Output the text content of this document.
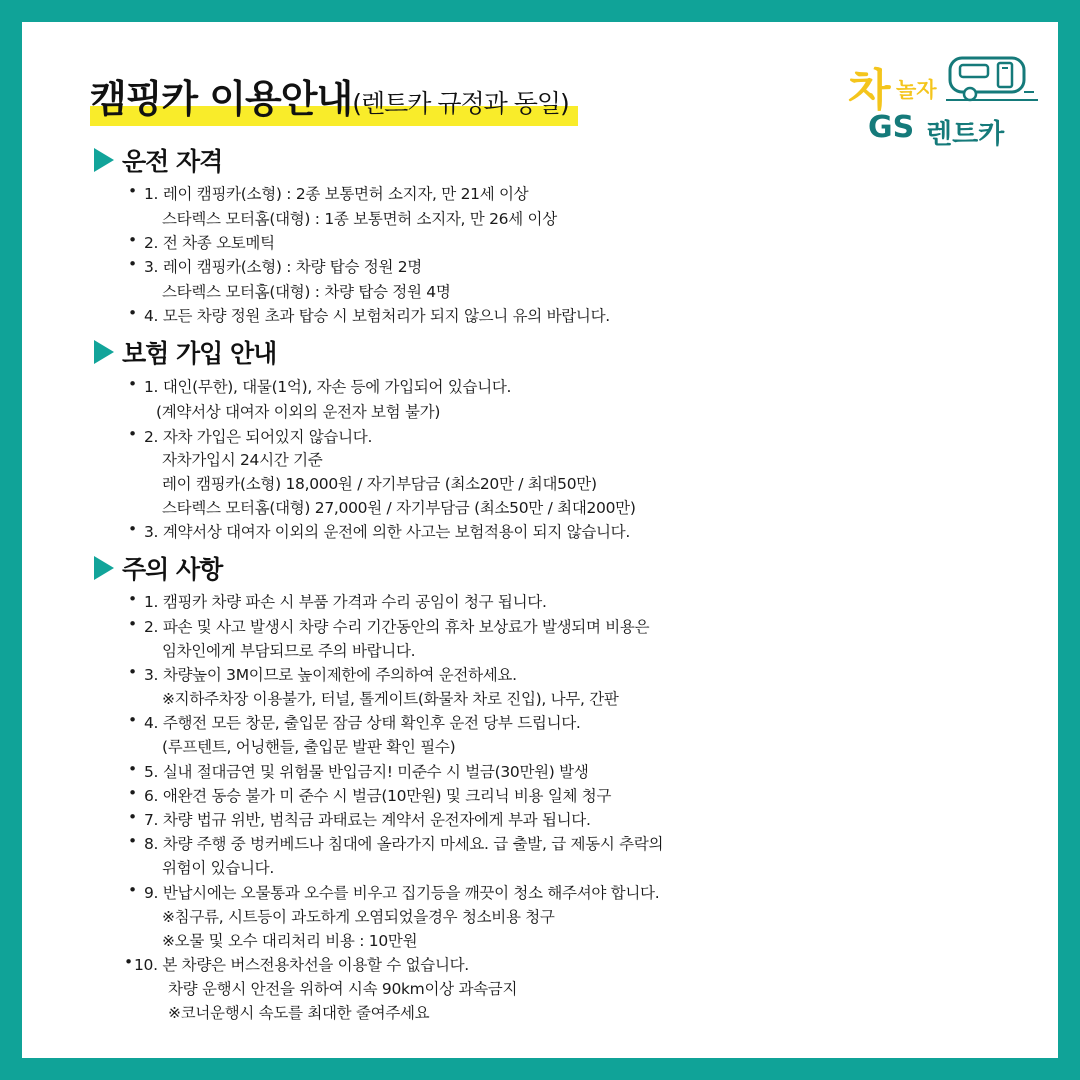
캠핑카 이용안내(렌트카 규정과 동일)	차 놀자
GS 렌트카
운전 자격
• 1. 레이 캠핑카(소형) : 2종 보통면허 소지자, 만 21세 이상
스타렉스 모터홈(대형) : 1종 보통면허 소지자, 만 26세 이상
• 2. 전 차종 오토메틱
• 3. 레이 캠핑카(소형) : 차량 탑승 정원 2명
스타렉스 모터홈(대형) : 차량 탑승 정원 4명
• 4. 모든 차량 정원 초과 탑승 시 보험처리가 되지 않으니 유의 바랍니다.
보험 가입 안내
• 1. 대인(무한), 대물(1억), 자손 등에 가입되어 있습니다.
(계약서상 대여자 이외의 운전자 보험 불가)
• 2. 자차 가입은 되어있지 않습니다.
자차가입시 24시간 기준
레이 캠핑카(소형) 18,000원 / 자기부담금 (최소20만 / 최대50만)
스타렉스 모터홈(대형) 27,000원 / 자기부담금 (최소50만 / 최대200만)
• 3. 계약서상 대여자 이외의 운전에 의한 사고는 보험적용이 되지 않습니다.
주의 사항
• 1. 캠핑카 차량 파손 시 부품 가격과 수리 공임이 청구 됩니다.
• 2. 파손 및 사고 발생시 차량 수리 기간동안의 휴차 보상료가 발생되며 비용은
임차인에게 부담되므로 주의 바랍니다.
• 3. 차량높이 3M이므로 높이제한에 주의하여 운전하세요.
※지하주차장 이용불가, 터널, 톨게이트(화물차 차로 진입), 나무, 간판
• 4. 주행전 모든 창문, 출입문 잠금 상태 확인후 운전 당부 드립니다.
(루프텐트, 어닝핸들, 출입문 발판 확인 필수)
• 5. 실내 절대금연 및 위험물 반입금지! 미준수 시 벌금(30만원) 발생
• 6. 애완견 동승 불가 미 준수 시 벌금(10만원) 및 크리닉 비용 일체 청구
• 7. 차량 법규 위반, 범칙금 과태료는 계약서 운전자에게 부과 됩니다.
• 8. 차량 주행 중 벙커베드나 침대에 올라가지 마세요. 급 출발, 급 제동시 추락의
위험이 있습니다.
• 9. 반납시에는 오물통과 오수를 비우고 집기등을 깨끗이 청소 해주셔야 합니다.
※침구류, 시트등이 과도하게 오염되었을경우 청소비용 청구
※오물 및 오수 대리처리 비용 : 10만원
• 10. 본 차량은 버스전용차선을 이용할 수 없습니다.
차량 운행시 안전을 위하여 시속 90km이상 과속금지
※코너운행시 속도를 최대한 줄여주세요
